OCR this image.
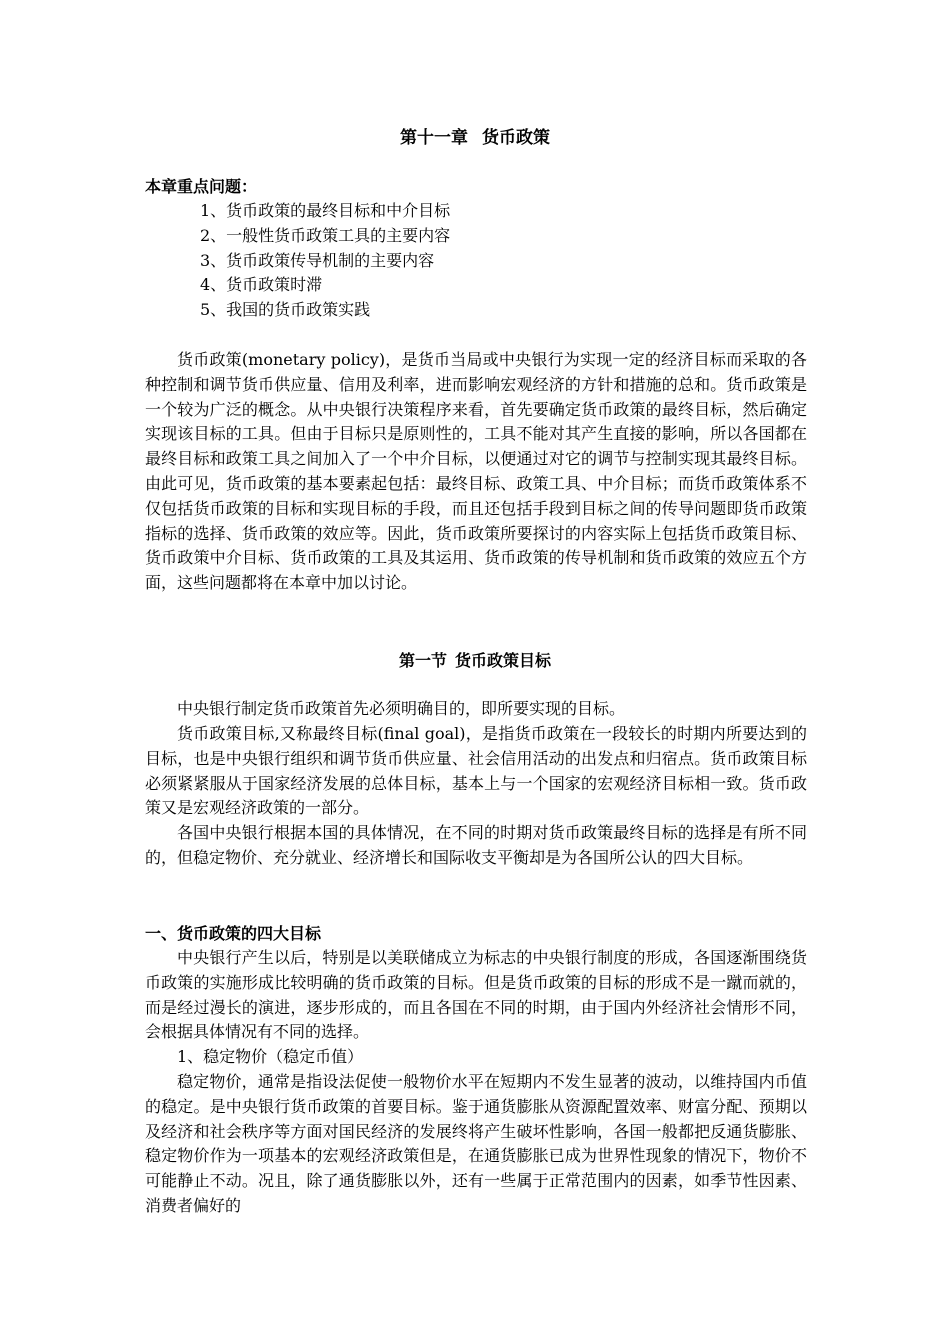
第十一章 货币政策
本章重点问题：
1、货币政策的最终目标和中介目标
2、一般性货币政策工具的主要内容
3、货币政策传导机制的主要内容
4、货币政策时滞
5、我国的货币政策实践

货币政策(monetary policy)，是货币当局或中央银行为实现一定的经济目标而采取的各种控制和调节货币供应量、信用及利率，进而影响宏观经济的方针和措施的总和。货币政策是一个较为广泛的概念。从中央银行决策程序来看，首先要确定货币政策的最终目标，然后确定实现该目标的工具。但由于目标只是原则性的，工具不能对其产生直接的影响，所以各国都在最终目标和政策工具之间加入了一个中介目标，以便通过对它的调节与控制实现其最终目标。由此可见，货币政策的基本要素起包括：最终目标、政策工具、中介目标；而货币政策体系不仅包括货币政策的目标和实现目标的手段，而且还包括手段到目标之间的传导问题即货币政策指标的选择、货币政策的效应等。因此，货币政策所要探讨的内容实际上包括货币政策目标、货币政策中介目标、货币政策的工具及其运用、货币政策的传导机制和货币政策的效应五个方面，这些问题都将在本章中加以讨论。

第一节 货币政策目标

中央银行制定货币政策首先必须明确目的，即所要实现的目标。

货币政策目标,又称最终目标(final goal)，是指货币政策在一段较长的时期内所要达到的目标，也是中央银行组织和调节货币供应量、社会信用活动的出发点和归宿点。货币政策目标必须紧紧服从于国家经济发展的总体目标，基本上与一个国家的宏观经济目标相一致。货币政策又是宏观经济政策的一部分。

各国中央银行根据本国的具体情况，在不同的时期对货币政策最终目标的选择是有所不同的，但稳定物价、充分就业、经济增长和国际收支平衡却是为各国所公认的四大目标。

一、货币政策的四大目标

中央银行产生以后，特别是以美联储成立为标志的中央银行制度的形成，各国逐渐围绕货币政策的实施形成比较明确的货币政策的目标。但是货币政策的目标的形成不是一蹴而就的，而是经过漫长的演进，逐步形成的，而且各国在不同的时期，由于国内外经济社会情形不同，会根据具体情况有不同的选择。

1、稳定物价（稳定币值）

稳定物价，通常是指设法促使一般物价水平在短期内不发生显著的波动，以维持国内币值的稳定。是中央银行货币政策的首要目标。鉴于通货膨胀从资源配置效率、财富分配、预期以及经济和社会秩序等方面对国民经济的发展终将产生破坏性影响，各国一般都把反通货膨胀、稳定物价作为一项基本的宏观经济政策但是，在通货膨胀已成为世界性现象的情况下，物价不可能静止不动。况且，除了通货膨胀以外，还有一些属于正常范围内的因素，如季节性因素、消费者偏好的
